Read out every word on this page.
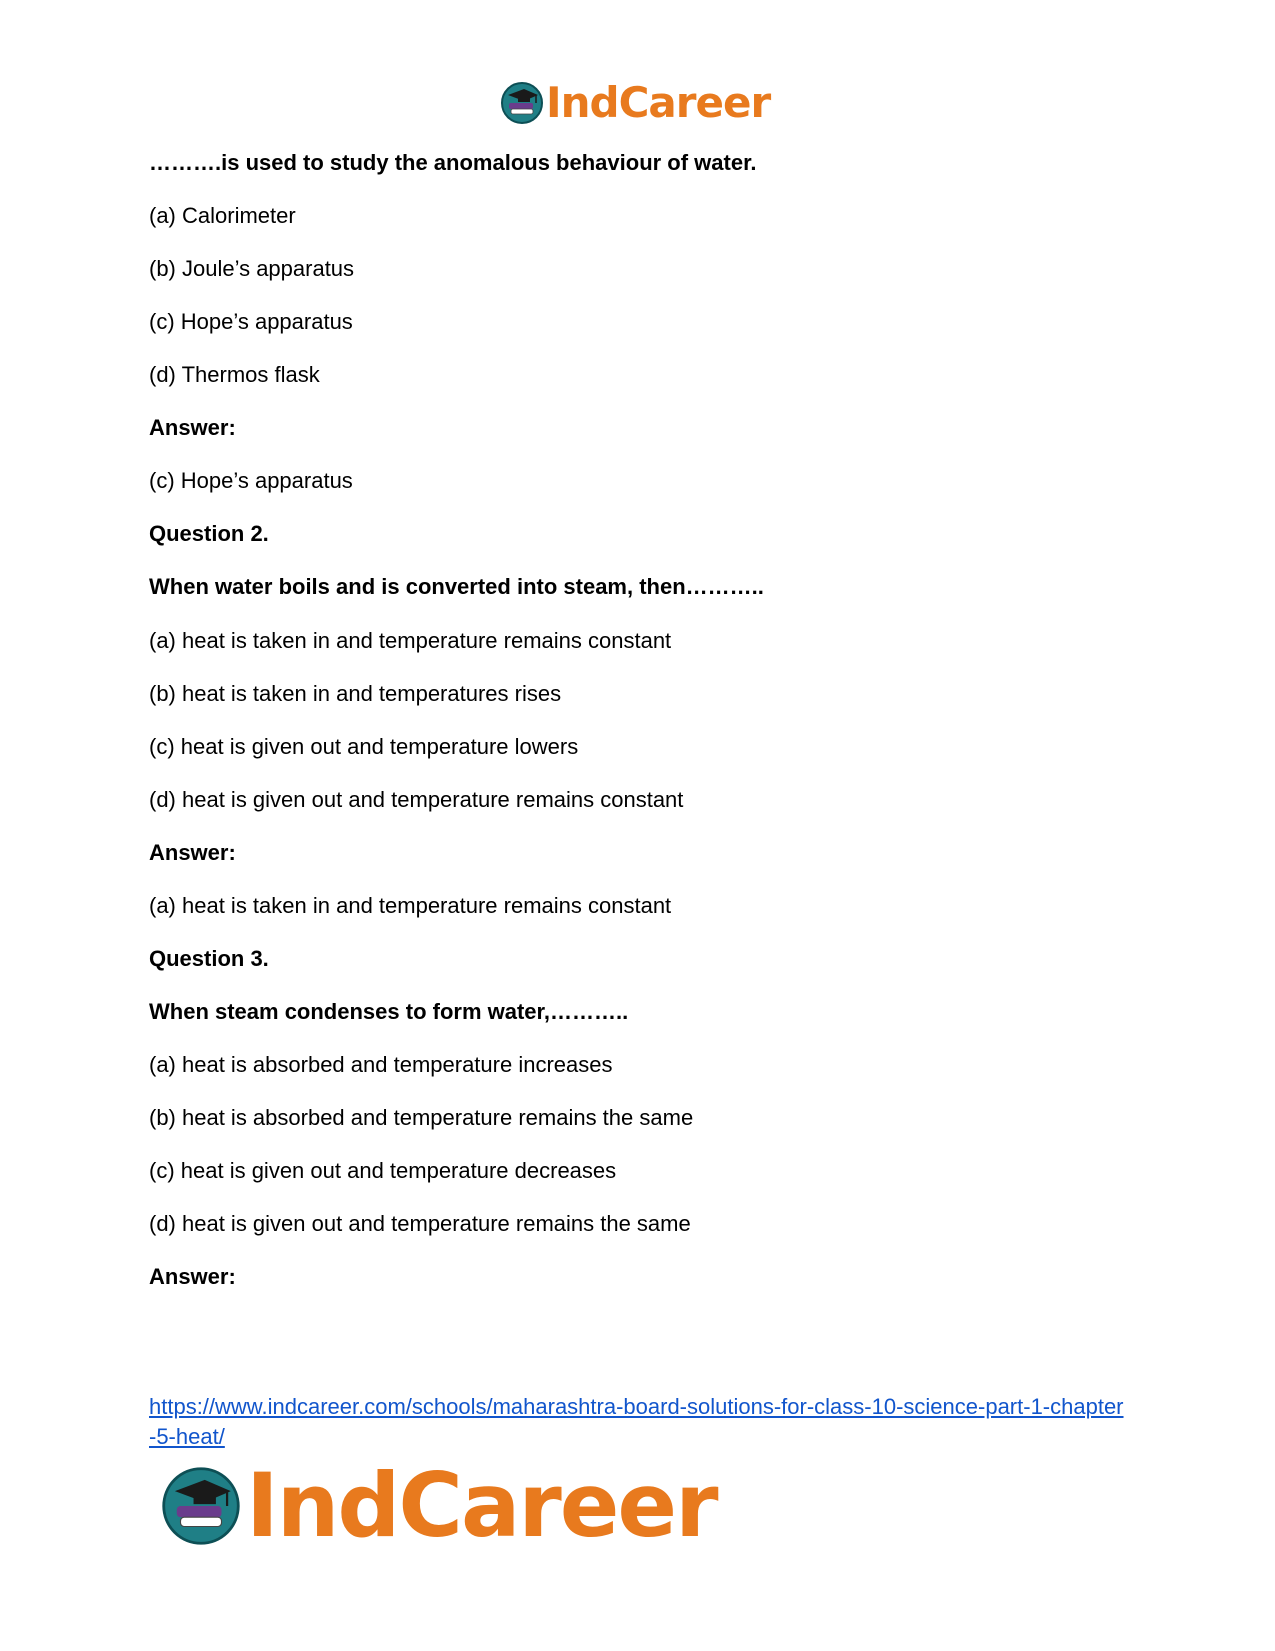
IndCareer
……….is used to study the anomalous behaviour of water.
(a) Calorimeter
(b) Joule’s apparatus
(c) Hope’s apparatus
(d) Thermos flask
Answer:
(c) Hope’s apparatus
Question 2.
When water boils and is converted into steam, then………..
(a) heat is taken in and temperature remains constant
(b) heat is taken in and temperatures rises
(c) heat is given out and temperature lowers
(d) heat is given out and temperature remains constant
Answer:
(a) heat is taken in and temperature remains constant
Question 3.
When steam condenses to form water,………..
(a) heat is absorbed and temperature increases
(b) heat is absorbed and temperature remains the same
(c) heat is given out and temperature decreases
(d) heat is given out and temperature remains the same
Answer:
https://www.indcareer.com/schools/maharashtra-board-solutions-for-class-10-science-part-1-chapter-5-heat/
IndCareer
